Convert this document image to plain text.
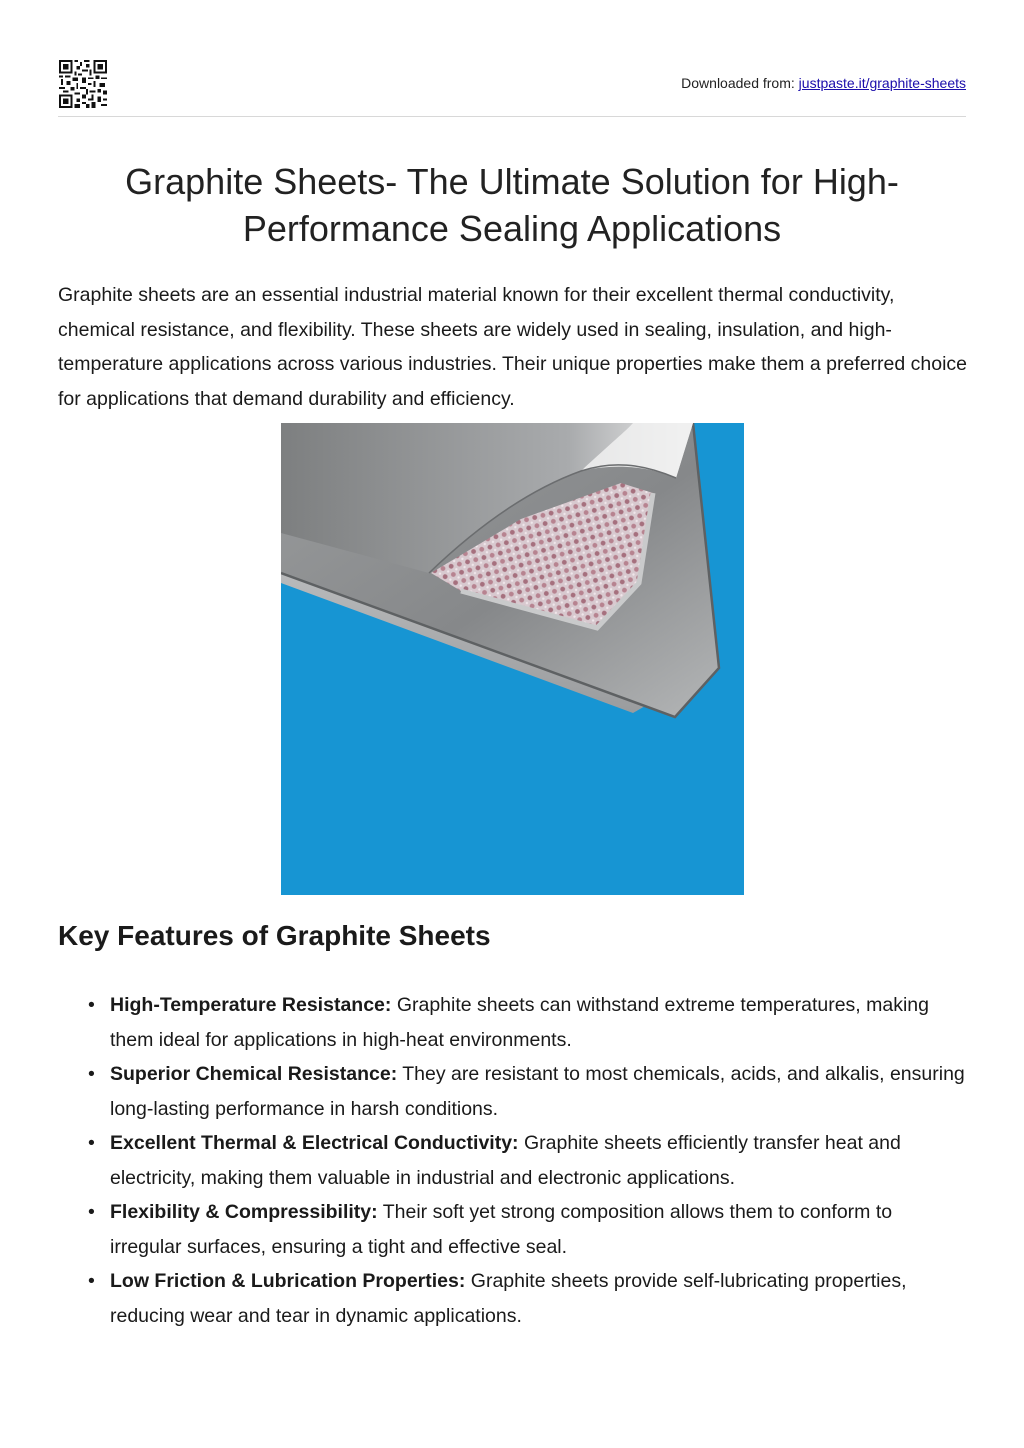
Downloaded from: justpaste.it/graphite-sheets
Graphite Sheets- The Ultimate Solution for High-Performance Sealing Applications

Graphite sheets are an essential industrial material known for their excellent thermal conductivity, chemical resistance, and flexibility. These sheets are widely used in sealing, insulation, and high-temperature applications across various industries. Their unique properties make them a preferred choice for applications that demand durability and efficiency.

Key Features of Graphite Sheets
• High-Temperature Resistance: Graphite sheets can withstand extreme temperatures, making them ideal for applications in high-heat environments.
• Superior Chemical Resistance: They are resistant to most chemicals, acids, and alkalis, ensuring long-lasting performance in harsh conditions.
• Excellent Thermal & Electrical Conductivity: Graphite sheets efficiently transfer heat and electricity, making them valuable in industrial and electronic applications.
• Flexibility & Compressibility: Their soft yet strong composition allows them to conform to irregular surfaces, ensuring a tight and effective seal.
• Low Friction & Lubrication Properties: Graphite sheets provide self-lubricating properties, reducing wear and tear in dynamic applications.
